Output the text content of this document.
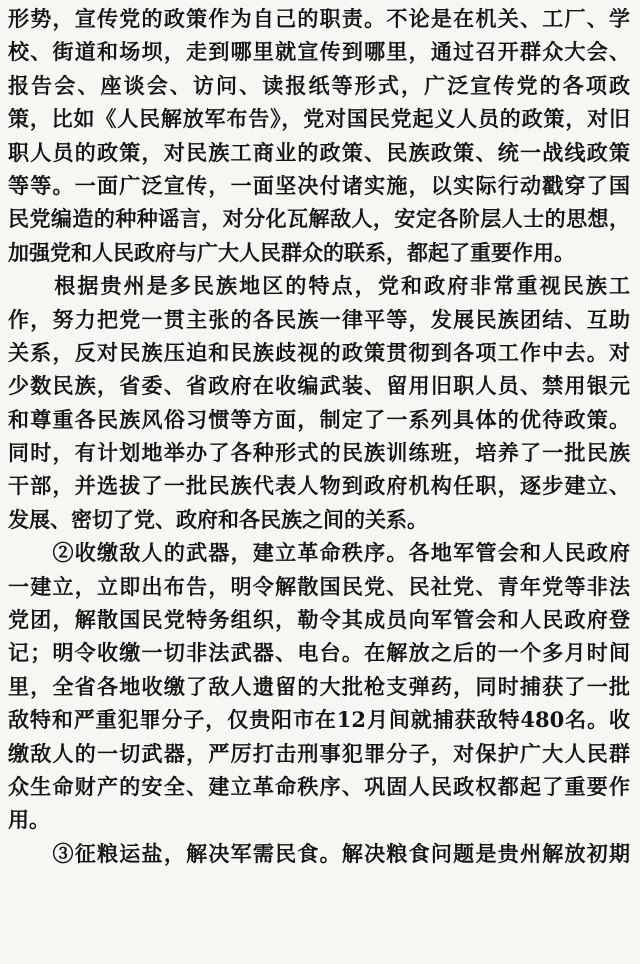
形势，宣传党的政策作为自己的职责。不论是在机关、工厂、学
校、街道和场坝，走到哪里就宣传到哪里，通过召开群众大会、
报告会、座谈会、访问、读报纸等形式，广泛宣传党的各项政
策，比如《人民解放军布告》，党对国民党起义人员的政策，对旧
职人员的政策，对民族工商业的政策、民族政策、统一战线政策
等等。一面广泛宣传，一面坚决付诸实施，以实际行动戳穿了国
民党编造的种种谣言，对分化瓦解敌人，安定各阶层人士的思想，
加强党和人民政府与广大人民群众的联系，都起了重要作用。
　　根据贵州是多民族地区的特点，党和政府非常重视民族工
作，努力把党一贯主张的各民族一律平等，发展民族团结、互助
关系，反对民族压迫和民族歧视的政策贯彻到各项工作中去。对
少数民族，省委、省政府在收编武装、留用旧职人员、禁用银元
和尊重各民族风俗习惯等方面，制定了一系列具体的优待政策。
同时，有计划地举办了各种形式的民族训练班，培养了一批民族
干部，并选拔了一批民族代表人物到政府机构任职，逐步建立、
发展、密切了党、政府和各民族之间的关系。
　　②收缴敌人的武器，建立革命秩序。各地军管会和人民政府
一建立，立即出布告，明令解散国民党、民社党、青年党等非法
党团，解散国民党特务组织，勒令其成员向军管会和人民政府登
记；明令收缴一切非法武器、电台。在解放之后的一个多月时间
里，全省各地收缴了敌人遗留的大批枪支弹药，同时捕获了一批
敌特和严重犯罪分子，仅贵阳市在12月间就捕获敌特480名。收
缴敌人的一切武器，严厉打击刑事犯罪分子，对保护广大人民群
众生命财产的安全、建立革命秩序、巩固人民政权都起了重要作
用。
　　③征粮运盐，解决军需民食。解决粮食问题是贵州解放初期
